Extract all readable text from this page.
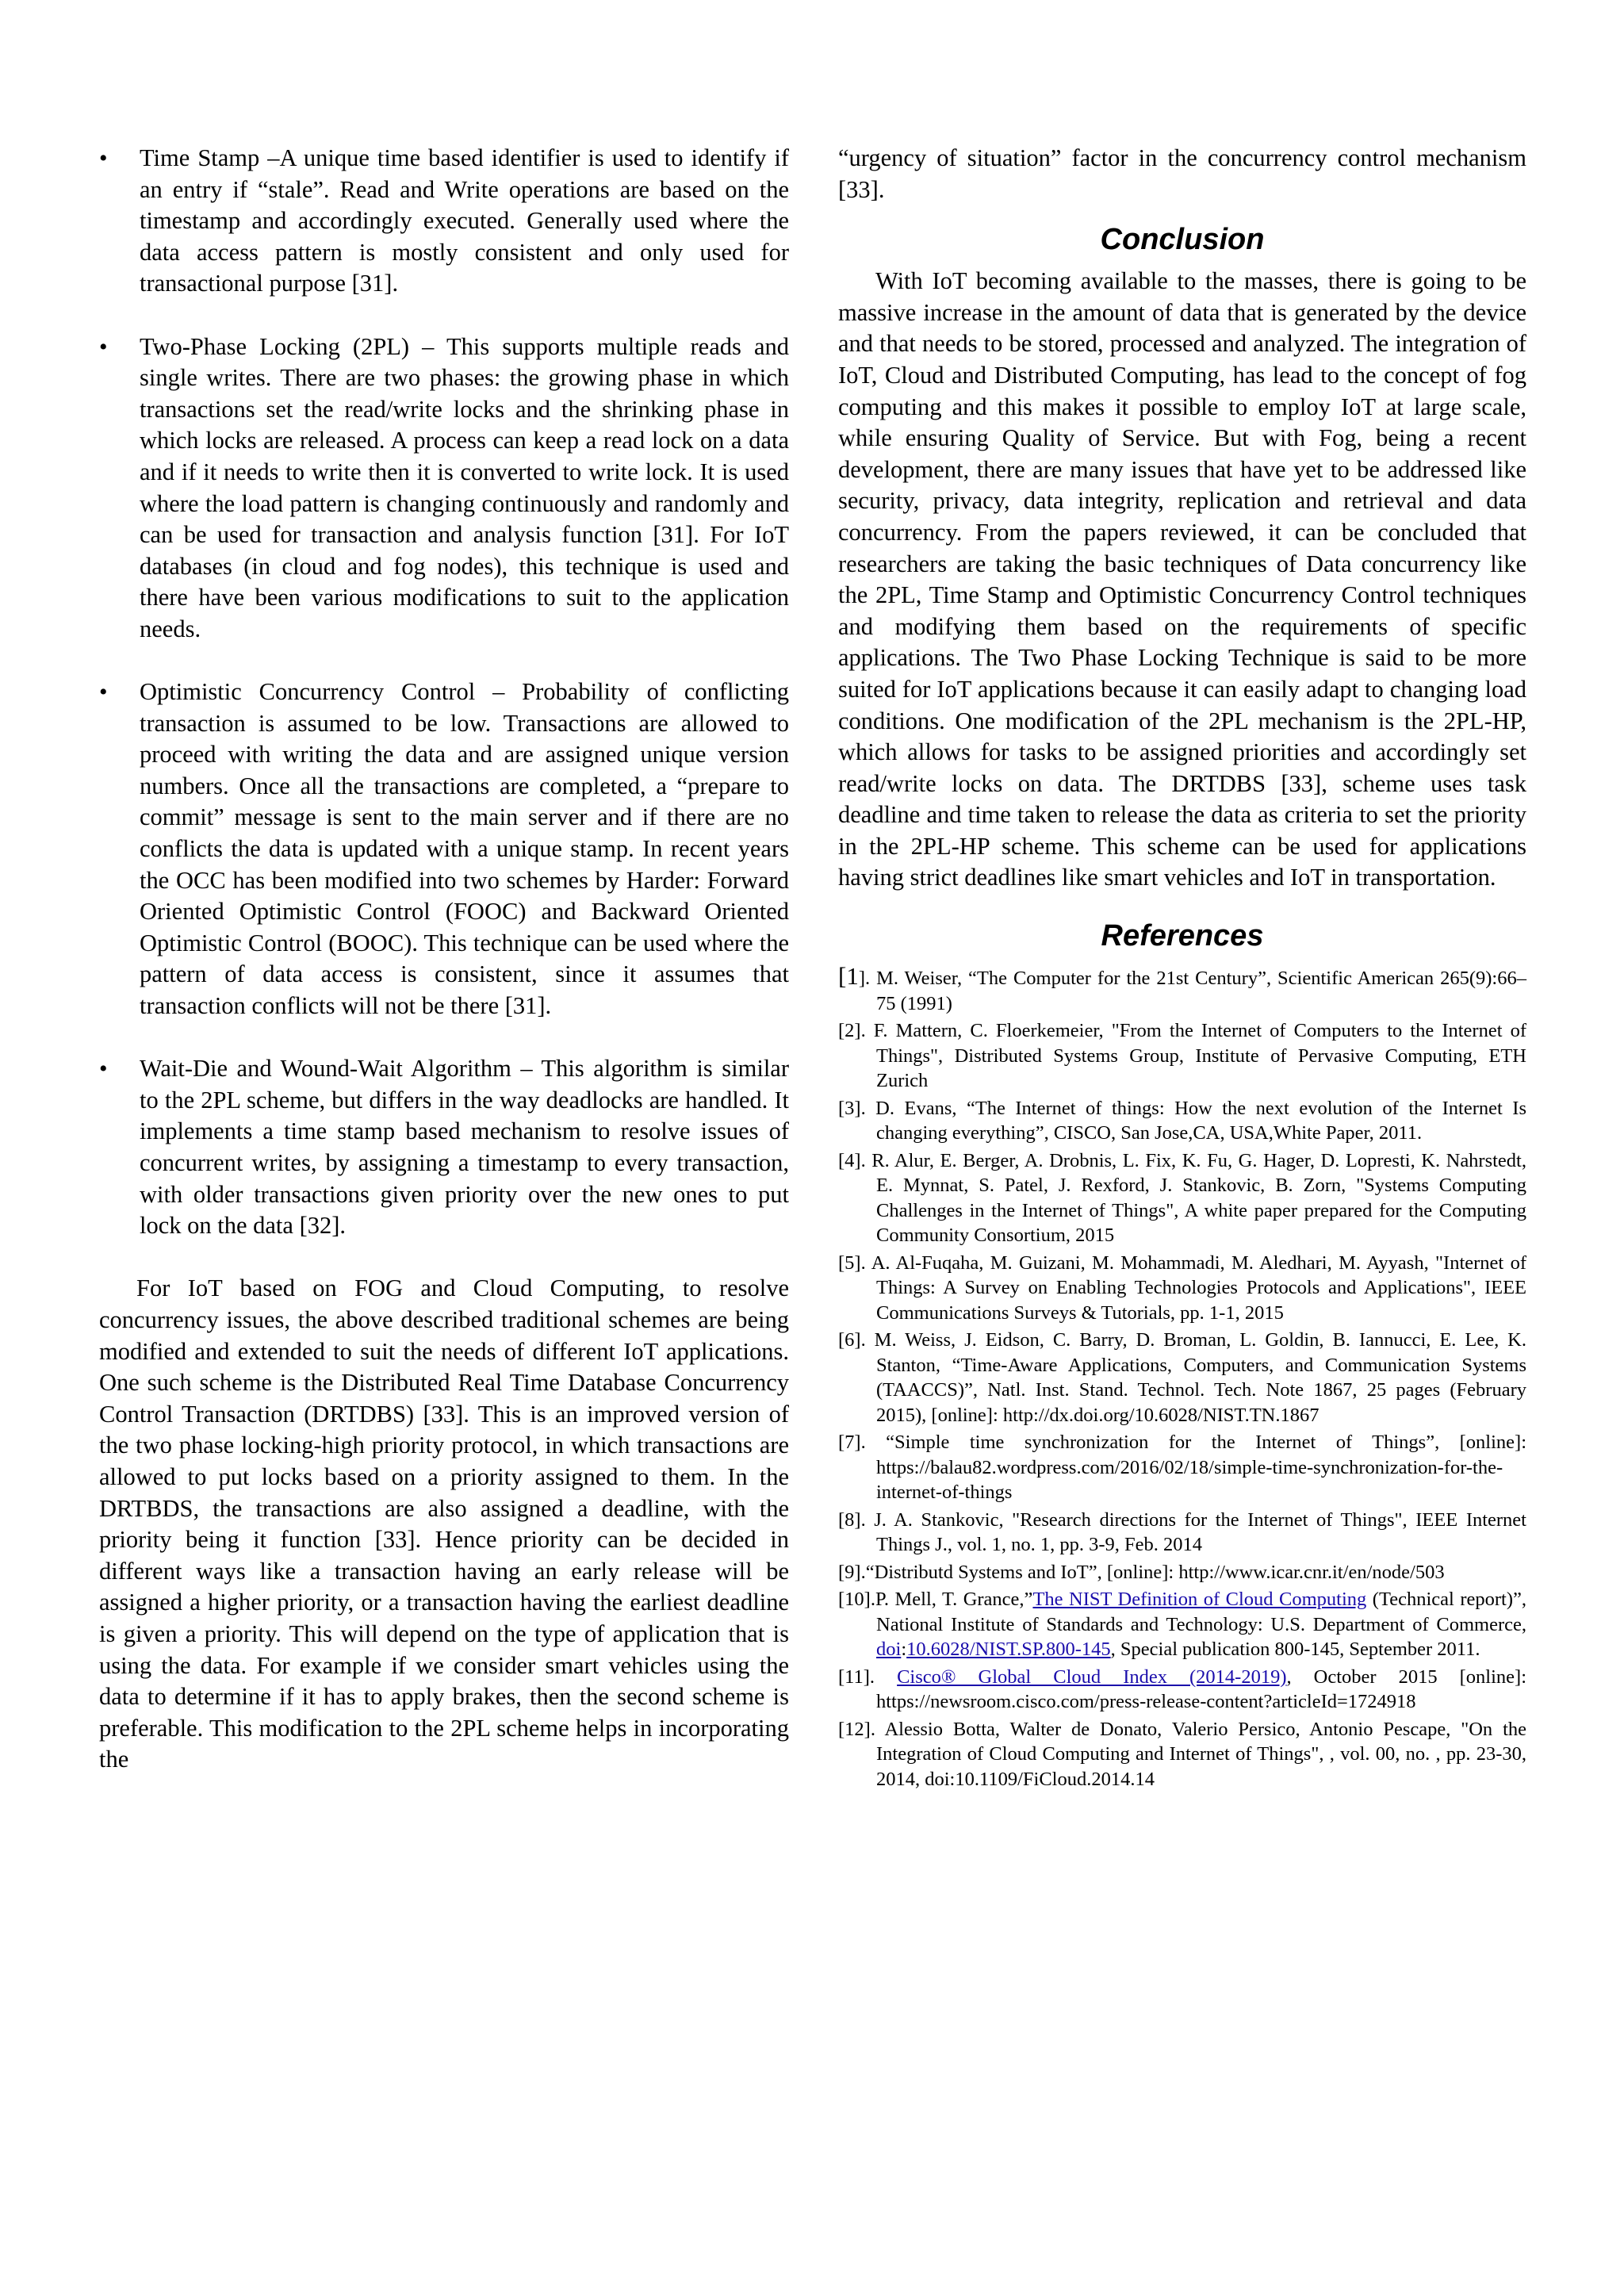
• Time Stamp –A unique time based identifier is used to identify if an entry if “stale”. Read and Write operations are based on the timestamp and accordingly executed. Generally used where the data access pattern is mostly consistent and only used for transactional purpose [31].
• Two-Phase Locking (2PL) – This supports multiple reads and single writes. There are two phases: the growing phase in which transactions set the read/write locks and the shrinking phase in which locks are released. A process can keep a read lock on a data and if it needs to write then it is converted to write lock. It is used where the load pattern is changing continuously and randomly and can be used for transaction and analysis function [31]. For IoT databases (in cloud and fog nodes), this technique is used and there have been various modifications to suit to the application needs.
• Optimistic Concurrency Control – Probability of conflicting transaction is assumed to be low. Transactions are allowed to proceed with writing the data and are assigned unique version numbers. Once all the transactions are completed, a “prepare to commit” message is sent to the main server and if there are no conflicts the data is updated with a unique stamp. In recent years the OCC has been modified into two schemes by Harder: Forward Oriented Optimistic Control (FOOC) and Backward Oriented Optimistic Control (BOOC). This technique can be used where the pattern of data access is consistent, since it assumes that transaction conflicts will not be there [31].
• Wait-Die and Wound-Wait Algorithm – This algorithm is similar to the 2PL scheme, but differs in the way deadlocks are handled. It implements a time stamp based mechanism to resolve issues of concurrent writes, by assigning a timestamp to every transaction, with older transactions given priority over the new ones to put lock on the data [32].

For IoT based on FOG and Cloud Computing, to resolve concurrency issues, the above described traditional schemes are being modified and extended to suit the needs of different IoT applications. One such scheme is the Distributed Real Time Database Concurrency Control Transaction (DRTDBS) [33]. This is an improved version of the two phase locking-high priority protocol, in which transactions are allowed to put locks based on a priority assigned to them. In the DRTBDS, the transactions are also assigned a deadline, with the priority being it function [33]. Hence priority can be decided in different ways like a transaction having an early release will be assigned a higher priority, or a transaction having the earliest deadline is given a priority. This will depend on the type of application that is using the data. For example if we consider smart vehicles using the data to determine if it has to apply brakes, then the second scheme is preferable. This modification to the 2PL scheme helps in incorporating the

“urgency of situation” factor in the concurrency control mechanism [33].

Conclusion

With IoT becoming available to the masses, there is going to be massive increase in the amount of data that is generated by the device and that needs to be stored, processed and analyzed. The integration of IoT, Cloud and Distributed Computing, has lead to the concept of fog computing and this makes it possible to employ IoT at large scale, while ensuring Quality of Service. But with Fog, being a recent development, there are many issues that have yet to be addressed like security, privacy, data integrity, replication and retrieval and data concurrency. From the papers reviewed, it can be concluded that researchers are taking the basic techniques of Data concurrency like the 2PL, Time Stamp and Optimistic Concurrency Control techniques and modifying them based on the requirements of specific applications. The Two Phase Locking Technique is said to be more suited for IoT applications because it can easily adapt to changing load conditions. One modification of the 2PL mechanism is the 2PL-HP, which allows for tasks to be assigned priorities and accordingly set read/write locks on data. The DRTDBS [33], scheme uses task deadline and time taken to release the data as criteria to set the priority in the 2PL-HP scheme. This scheme can be used for applications having strict deadlines like smart vehicles and IoT in transportation.

References
[1]. M. Weiser, “The Computer for the 21st Century”, Scientific American 265(9):66–75 (1991)
[2]. F. Mattern, C. Floerkemeier, "From the Internet of Computers to the Internet of Things", Distributed Systems Group, Institute of Pervasive Computing, ETH Zurich
[3]. D. Evans, “The Internet of things: How the next evolution of the Internet Is changing everything”, CISCO, San Jose,CA, USA,White Paper, 2011.
[4]. R. Alur, E. Berger, A. Drobnis, L. Fix, K. Fu, G. Hager, D. Lopresti, K. Nahrstedt, E. Mynnat, S. Patel, J. Rexford, J. Stankovic, B. Zorn, "Systems Computing Challenges in the Internet of Things", A white paper prepared for the Computing Community Consortium, 2015
[5]. A. Al-Fuqaha, M. Guizani, M. Mohammadi, M. Aledhari, M. Ayyash, "Internet of Things: A Survey on Enabling Technologies Protocols and Applications", IEEE Communications Surveys & Tutorials, pp. 1-1, 2015
[6]. M. Weiss, J. Eidson, C. Barry, D. Broman, L. Goldin, B. Iannucci, E. Lee, K. Stanton, “Time-Aware Applications, Computers, and Communication Systems (TAACCS)”, Natl. Inst. Stand. Technol. Tech. Note 1867, 25 pages (February 2015), [online]: http://dx.doi.org/10.6028/NIST.TN.1867
[7]. “Simple time synchronization for the Internet of Things”, [online]: https://balau82.wordpress.com/2016/02/18/simple-time-synchronization-for-the-internet-of-things
[8]. J. A. Stankovic, "Research directions for the Internet of Things", IEEE Internet Things J., vol. 1, no. 1, pp. 3-9, Feb. 2014
[9].“Distributd Systems and IoT”, [online]: http://www.icar.cnr.it/en/node/503
[10].P. Mell, T. Grance,”The NIST Definition of Cloud Computing (Technical report)”, National Institute of Standards and Technology: U.S. Department of Commerce, doi:10.6028/NIST.SP.800-145, Special publication 800-145, September 2011.
[11]. Cisco® Global Cloud Index (2014-2019), October 2015 [online]: https://newsroom.cisco.com/press-release-content?articleId=1724918
[12]. Alessio Botta, Walter de Donato, Valerio Persico, Antonio Pescape, "On the Integration of Cloud Computing and Internet of Things", , vol. 00, no. , pp. 23-30, 2014, doi:10.1109/FiCloud.2014.14
